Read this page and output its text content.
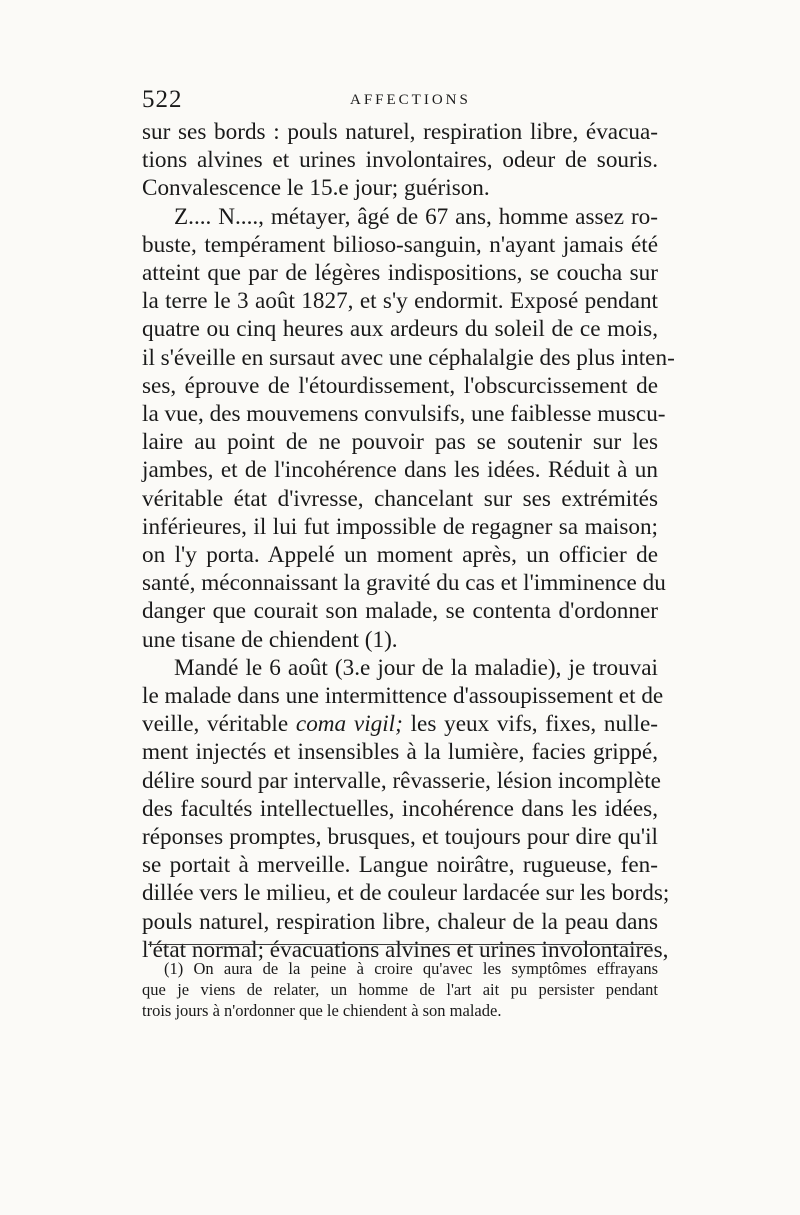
522	AFFECTIONS
sur ses bords : pouls naturel, respiration libre, évacua-
tions alvines et urines involontaires, odeur de souris.
Convalescence le 15.e jour; guérison.
Z.... N...., métayer, âgé de 67 ans, homme assez ro-
buste, tempérament bilioso-sanguin, n'ayant jamais été
atteint que par de légères indispositions, se coucha sur
la terre le 3 août 1827, et s'y endormit. Exposé pendant
quatre ou cinq heures aux ardeurs du soleil de ce mois,
il s'éveille en sursaut avec une céphalalgie des plus inten-
ses, éprouve de l'étourdissement, l'obscurcissement de
la vue, des mouvemens convulsifs, une faiblesse muscu-
laire au point de ne pouvoir pas se soutenir sur les
jambes, et de l'incohérence dans les idées. Réduit à un
véritable état d'ivresse, chancelant sur ses extrémités
inférieures, il lui fut impossible de regagner sa maison;
on l'y porta. Appelé un moment après, un officier de
santé, méconnaissant la gravité du cas et l'imminence du
danger que courait son malade, se contenta d'ordonner
une tisane de chiendent (1).
Mandé le 6 août (3.e jour de la maladie), je trouvai
le malade dans une intermittence d'assoupissement et de
veille, véritable coma vigil; les yeux vifs, fixes, nulle-
ment injectés et insensibles à la lumière, facies grippé,
délire sourd par intervalle, rêvasserie, lésion incomplète
des facultés intellectuelles, incohérence dans les idées,
réponses promptes, brusques, et toujours pour dire qu'il
se portait à merveille. Langue noirâtre, rugueuse, fen-
dillée vers le milieu, et de couleur lardacée sur les bords;
pouls naturel, respiration libre, chaleur de la peau dans
l'état normal; évacuations alvines et urines involontaires,
(1) On aura de la peine à croire qu'avec les symptômes effrayans
que je viens de relater, un homme de l'art ait pu persister pendant
trois jours à n'ordonner que le chiendent à son malade.
